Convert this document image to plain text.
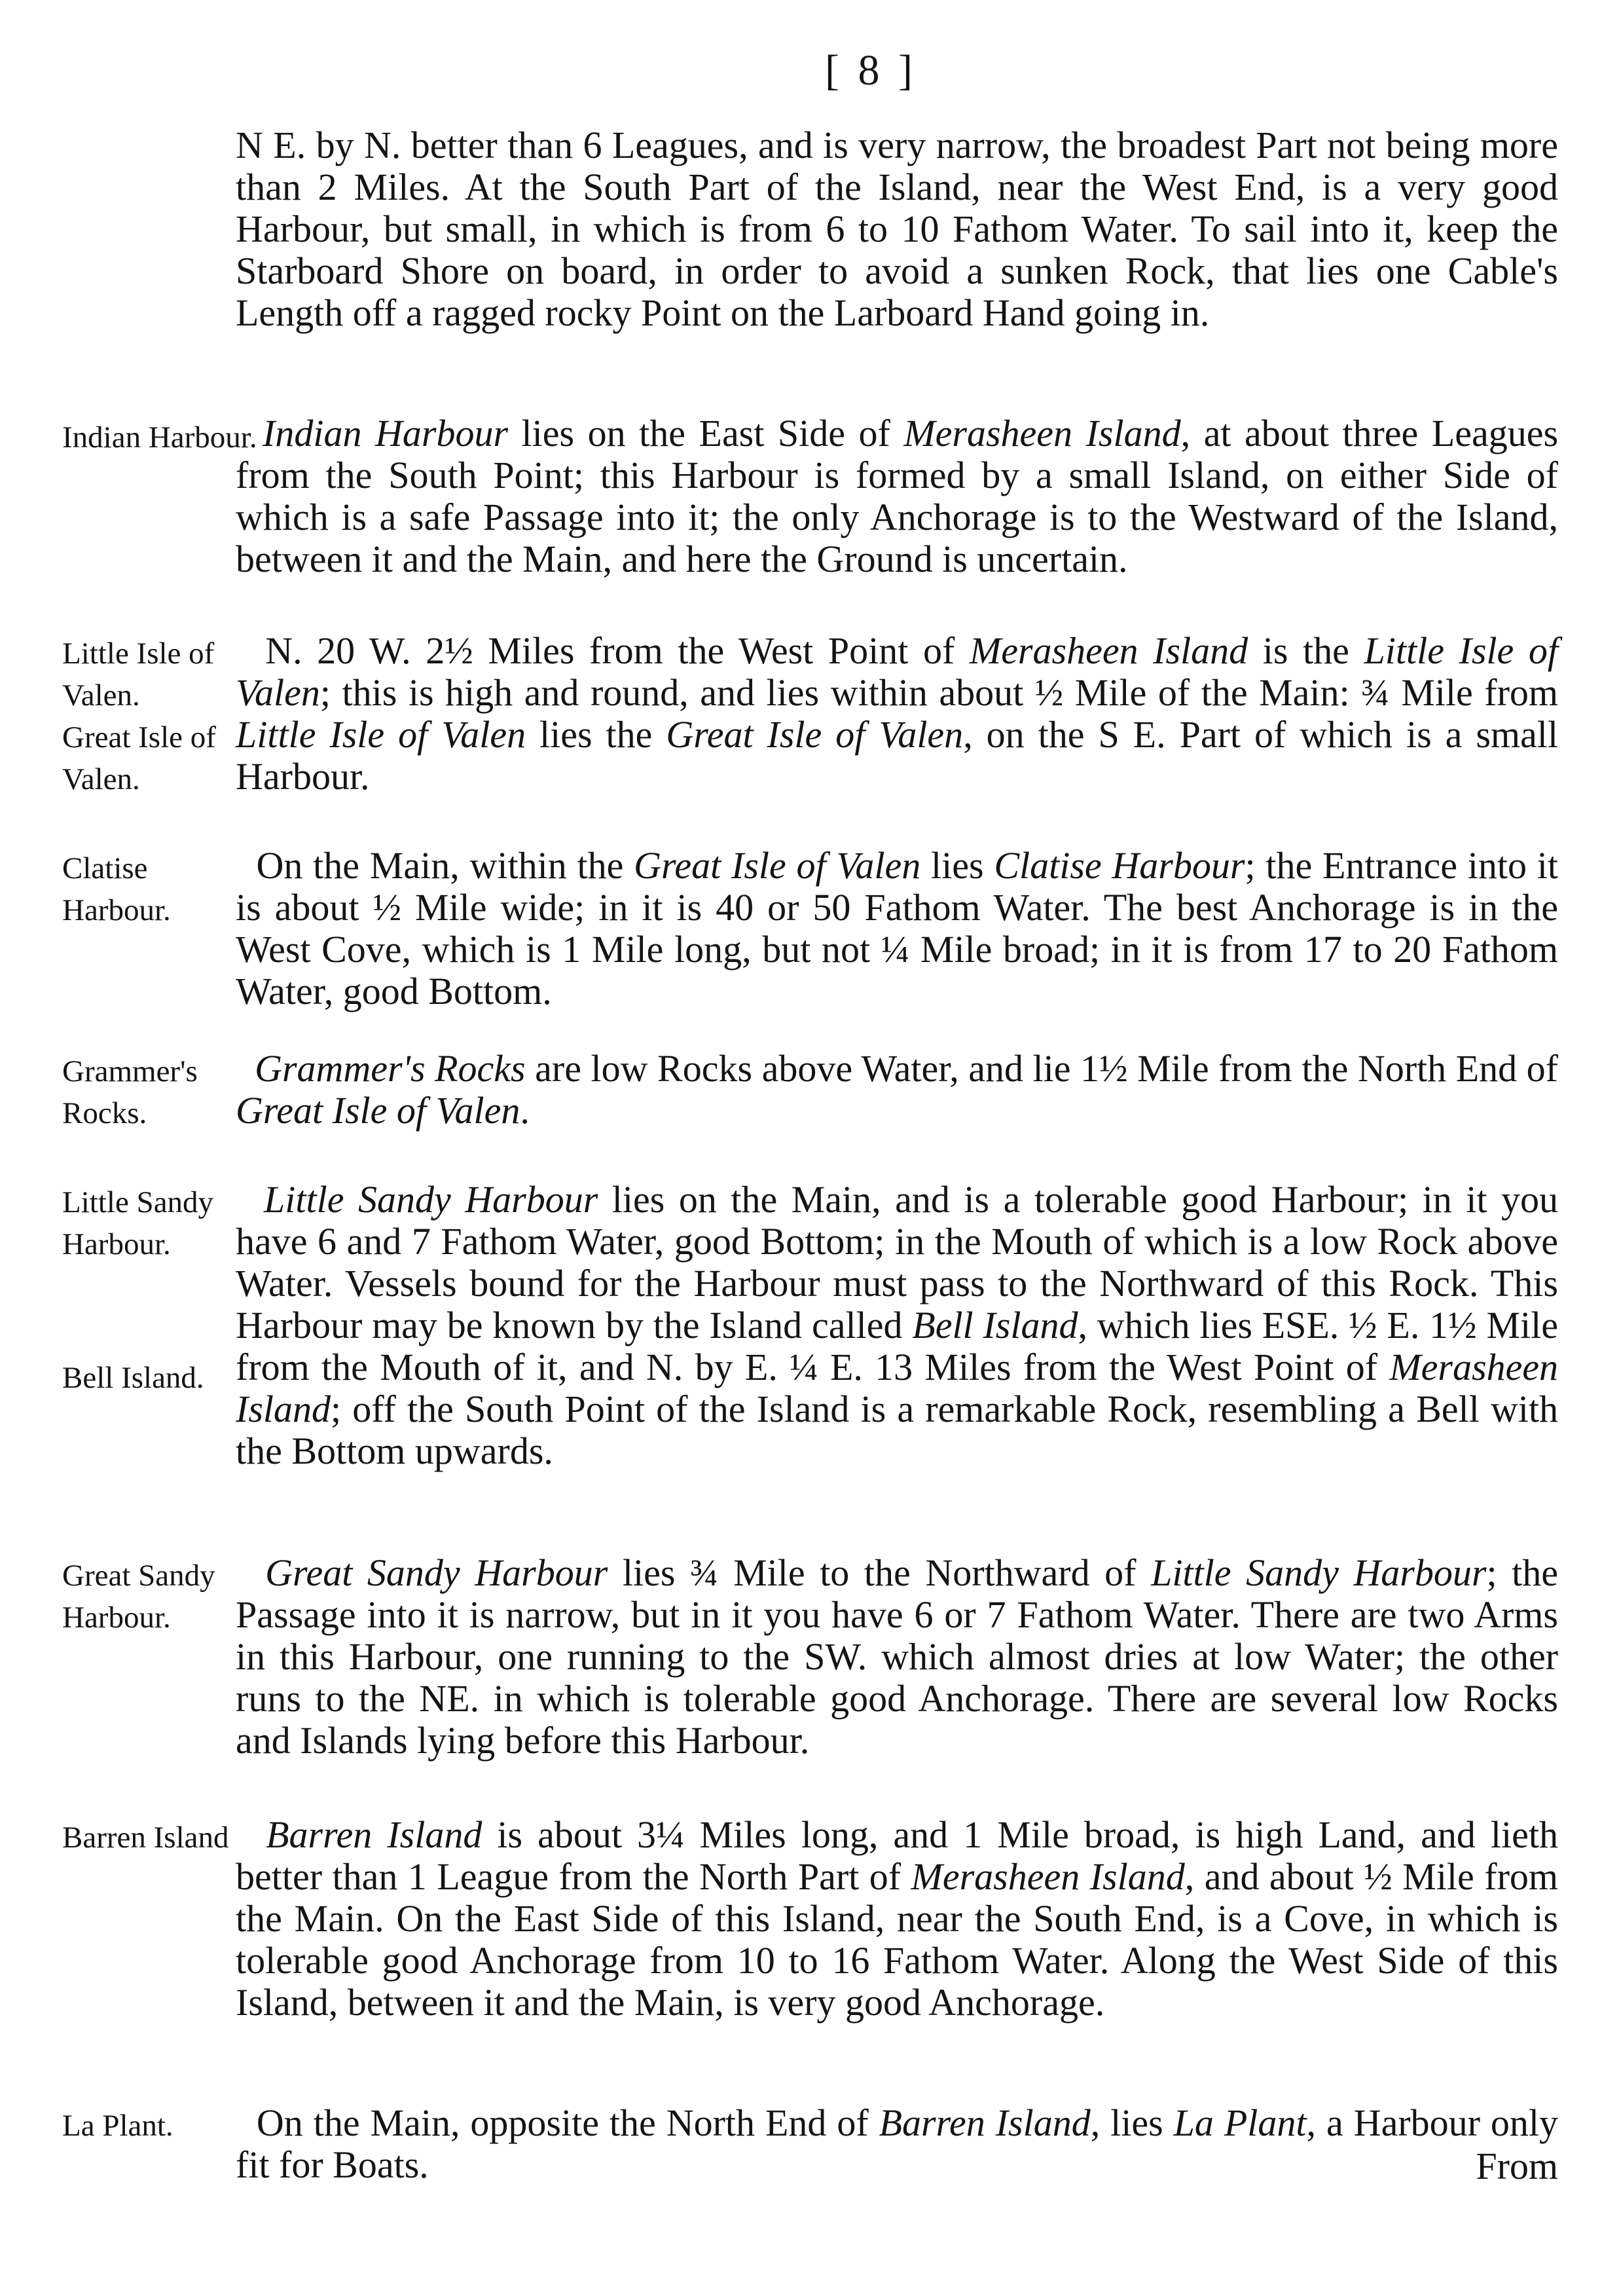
[ 8 ]

N E. by N. better than 6 Leagues, and is very narrow, the broadest Part not being more than 2 Miles. At the South Part of the Island, near the West End, is a very good Harbour, but small, in which is from 6 to 10 Fathom Water. To sail into it, keep the Starboard Shore on board, in order to avoid a sunken Rock, that lies one Cable's Length off a ragged rocky Point on the Larboard Hand going in.

Indian Harbour. Indian Harbour lies on the East Side of Merasheen Island, at about three Leagues from the South Point; this Harbour is formed by a small Island, on either Side of which is a safe Passage into it; the only Anchorage is to the Westward of the Island, between it and the Main, and here the Ground is uncertain.

Little Isle of Valen.
Great Isle of Valen.

N. 20 W. 2½ Miles from the West Point of Merasheen Island is the Little Isle of Valen; this is high and round, and lies within about ½ Mile of the Main: ¾ Mile from Little Isle of Valen lies the Great Isle of Valen, on the S E. Part of which is a small Harbour.

Clatise Harbour.

On the Main, within the Great Isle of Valen lies Clatise Harbour; the Entrance into it is about ½ Mile wide; in it is 40 or 50 Fathom Water. The best Anchorage is in the West Cove, which is 1 Mile long, but not ¼ Mile broad; in it is from 17 to 20 Fathom Water, good Bottom.

Grammer's Rocks.

Grammer's Rocks are low Rocks above Water, and lie 1½ Mile from the North End of Great Isle of Valen.

Little Sandy Harbour.
Bell Island.

Little Sandy Harbour lies on the Main, and is a tolerable good Harbour; in it you have 6 and 7 Fathom Water, good Bottom; in the Mouth of which is a low Rock above Water. Vessels bound for the Harbour must pass to the Northward of this Rock. This Harbour may be known by the Island called Bell Island, which lies ESE. ½ E. 1½ Mile from the Mouth of it, and N. by E. ¼ E. 13 Miles from the West Point of Merasheen Island; off the South Point of the Island is a remarkable Rock, resembling a Bell with the Bottom upwards.

Great Sandy Harbour.

Great Sandy Harbour lies ¾ Mile to the Northward of Little Sandy Harbour; the Passage into it is narrow, but in it you have 6 or 7 Fathom Water. There are two Arms in this Harbour, one running to the SW. which almost dries at low Water; the other runs to the NE. in which is tolerable good Anchorage. There are several low Rocks and Islands lying before this Harbour.

Barren Island Barren Island is about 3¼ Miles long, and 1 Mile broad, is high Land, and lieth better than 1 League from the North Part of Merasheen Island, and about ½ Mile from the Main. On the East Side of this Island, near the South End, is a Cove, in which is tolerable good Anchorage from 10 to 16 Fathom Water. Along the West Side of this Island, between it and the Main, is very good Anchorage.

La Plant.	On the Main, opposite the North End of Barren Island, lies La Plant, a Harbour only fit for Boats.	From
